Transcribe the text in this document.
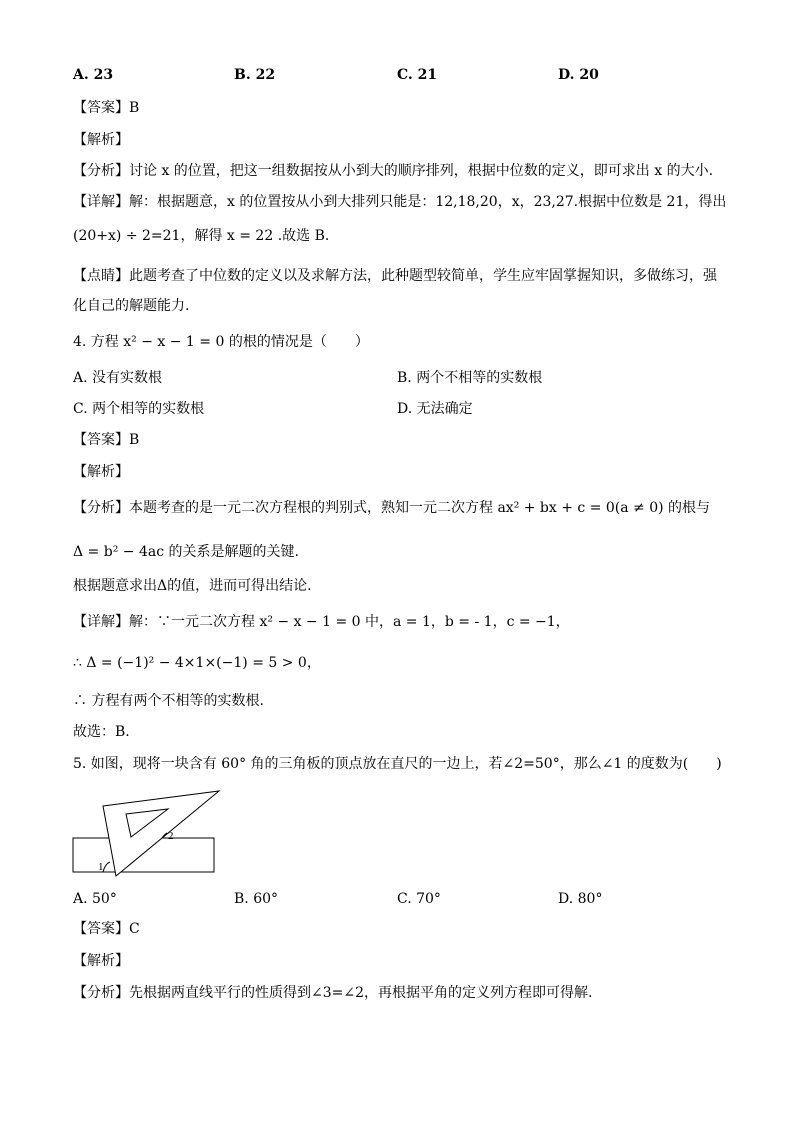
A. 23	B. 22	C. 21	D. 20
【答案】B
【解析】
【分析】讨论 x 的位置，把这一组数据按从小到大的顺序排列，根据中位数的定义，即可求出 x 的大小.
【详解】解：根据题意，x 的位置按从小到大排列只能是：12,18,20，x，23,27.根据中位数是 21，得出
(20+x) ÷ 2=21，解得 x = 22 .故选 B.
【点睛】此题考查了中位数的定义以及求解方法，此种题型较简单，学生应牢固掌握知识，多做练习，强
化自己的解题能力.
4. 方程 x² − x − 1 = 0 的根的情况是（　　）
A. 没有实数根	B. 两个不相等的实数根
C. 两个相等的实数根	D. 无法确定
【答案】B
【解析】
【分析】本题考查的是一元二次方程根的判别式，熟知一元二次方程 ax² + bx + c = 0(a ≠ 0) 的根与
Δ = b² − 4ac 的关系是解题的关键.
根据题意求出Δ的值，进而可得出结论.
【详解】解：∵一元二次方程 x² − x − 1 = 0 中，a = 1，b = - 1，c = −1，
∴ Δ = (−1)² − 4×1×(−1) = 5 > 0，
∴ 方程有两个不相等的实数根.
故选：B.
5. 如图，现将一块含有 60° 角的三角板的顶点放在直尺的一边上，若∠2=50°，那么∠1 的度数为(　　)
1
2
A. 50°	B. 60°	C. 70°	D. 80°
【答案】C
【解析】
【分析】先根据两直线平行的性质得到∠3=∠2，再根据平角的定义列方程即可得解.
